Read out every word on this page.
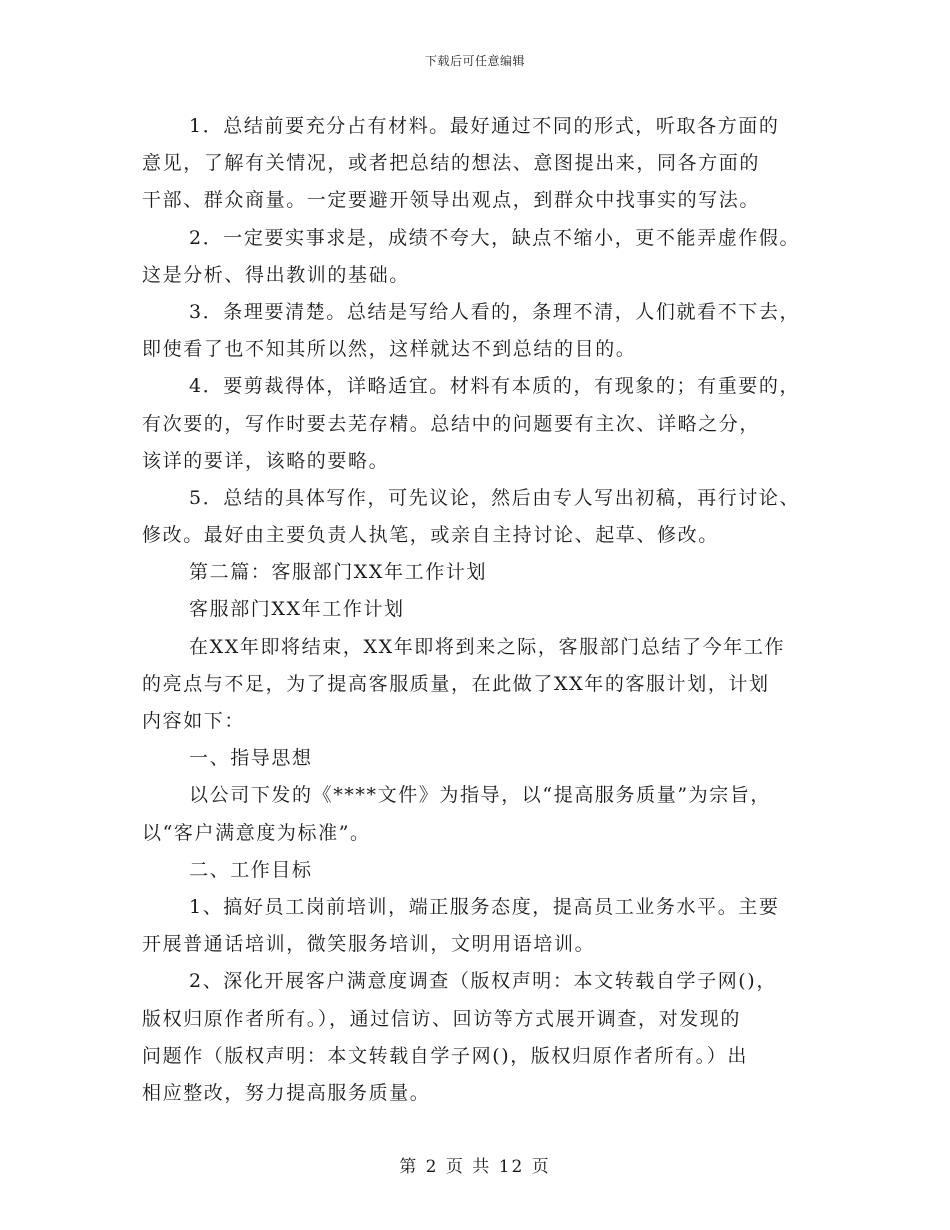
下载后可任意编辑
1．总结前要充分占有材料。最好通过不同的形式，听取各方面的
意见，了解有关情况，或者把总结的想法、意图提出来，同各方面的
干部、群众商量。一定要避开领导出观点，到群众中找事实的写法。
2．一定要实事求是，成绩不夸大，缺点不缩小，更不能弄虚作假。
这是分析、得出教训的基础。
3．条理要清楚。总结是写给人看的，条理不清，人们就看不下去，
即使看了也不知其所以然，这样就达不到总结的目的。
4．要剪裁得体，详略适宜。材料有本质的，有现象的；有重要的，
有次要的，写作时要去芜存精。总结中的问题要有主次、详略之分，
该详的要详，该略的要略。
5．总结的具体写作，可先议论，然后由专人写出初稿，再行讨论、
修改。最好由主要负责人执笔，或亲自主持讨论、起草、修改。
第二篇：客服部门XX年工作计划
客服部门XX年工作计划
在XX年即将结束，XX年即将到来之际，客服部门总结了今年工作
的亮点与不足，为了提高客服质量，在此做了XX年的客服计划，计划
内容如下：
一、指导思想
以公司下发的《****文件》为指导，以“提高服务质量”为宗旨，
以“客户满意度为标准”。
二、工作目标
1、搞好员工岗前培训，端正服务态度，提高员工业务水平。主要
开展普通话培训，微笑服务培训，文明用语培训。
2、深化开展客户满意度调查（版权声明：本文转载自学子网()，
版权归原作者所有。），通过信访、回访等方式展开调查，对发现的
问题作（版权声明：本文转载自学子网()，版权归原作者所有。）出
相应整改，努力提高服务质量。
第 2 页 共 12 页
